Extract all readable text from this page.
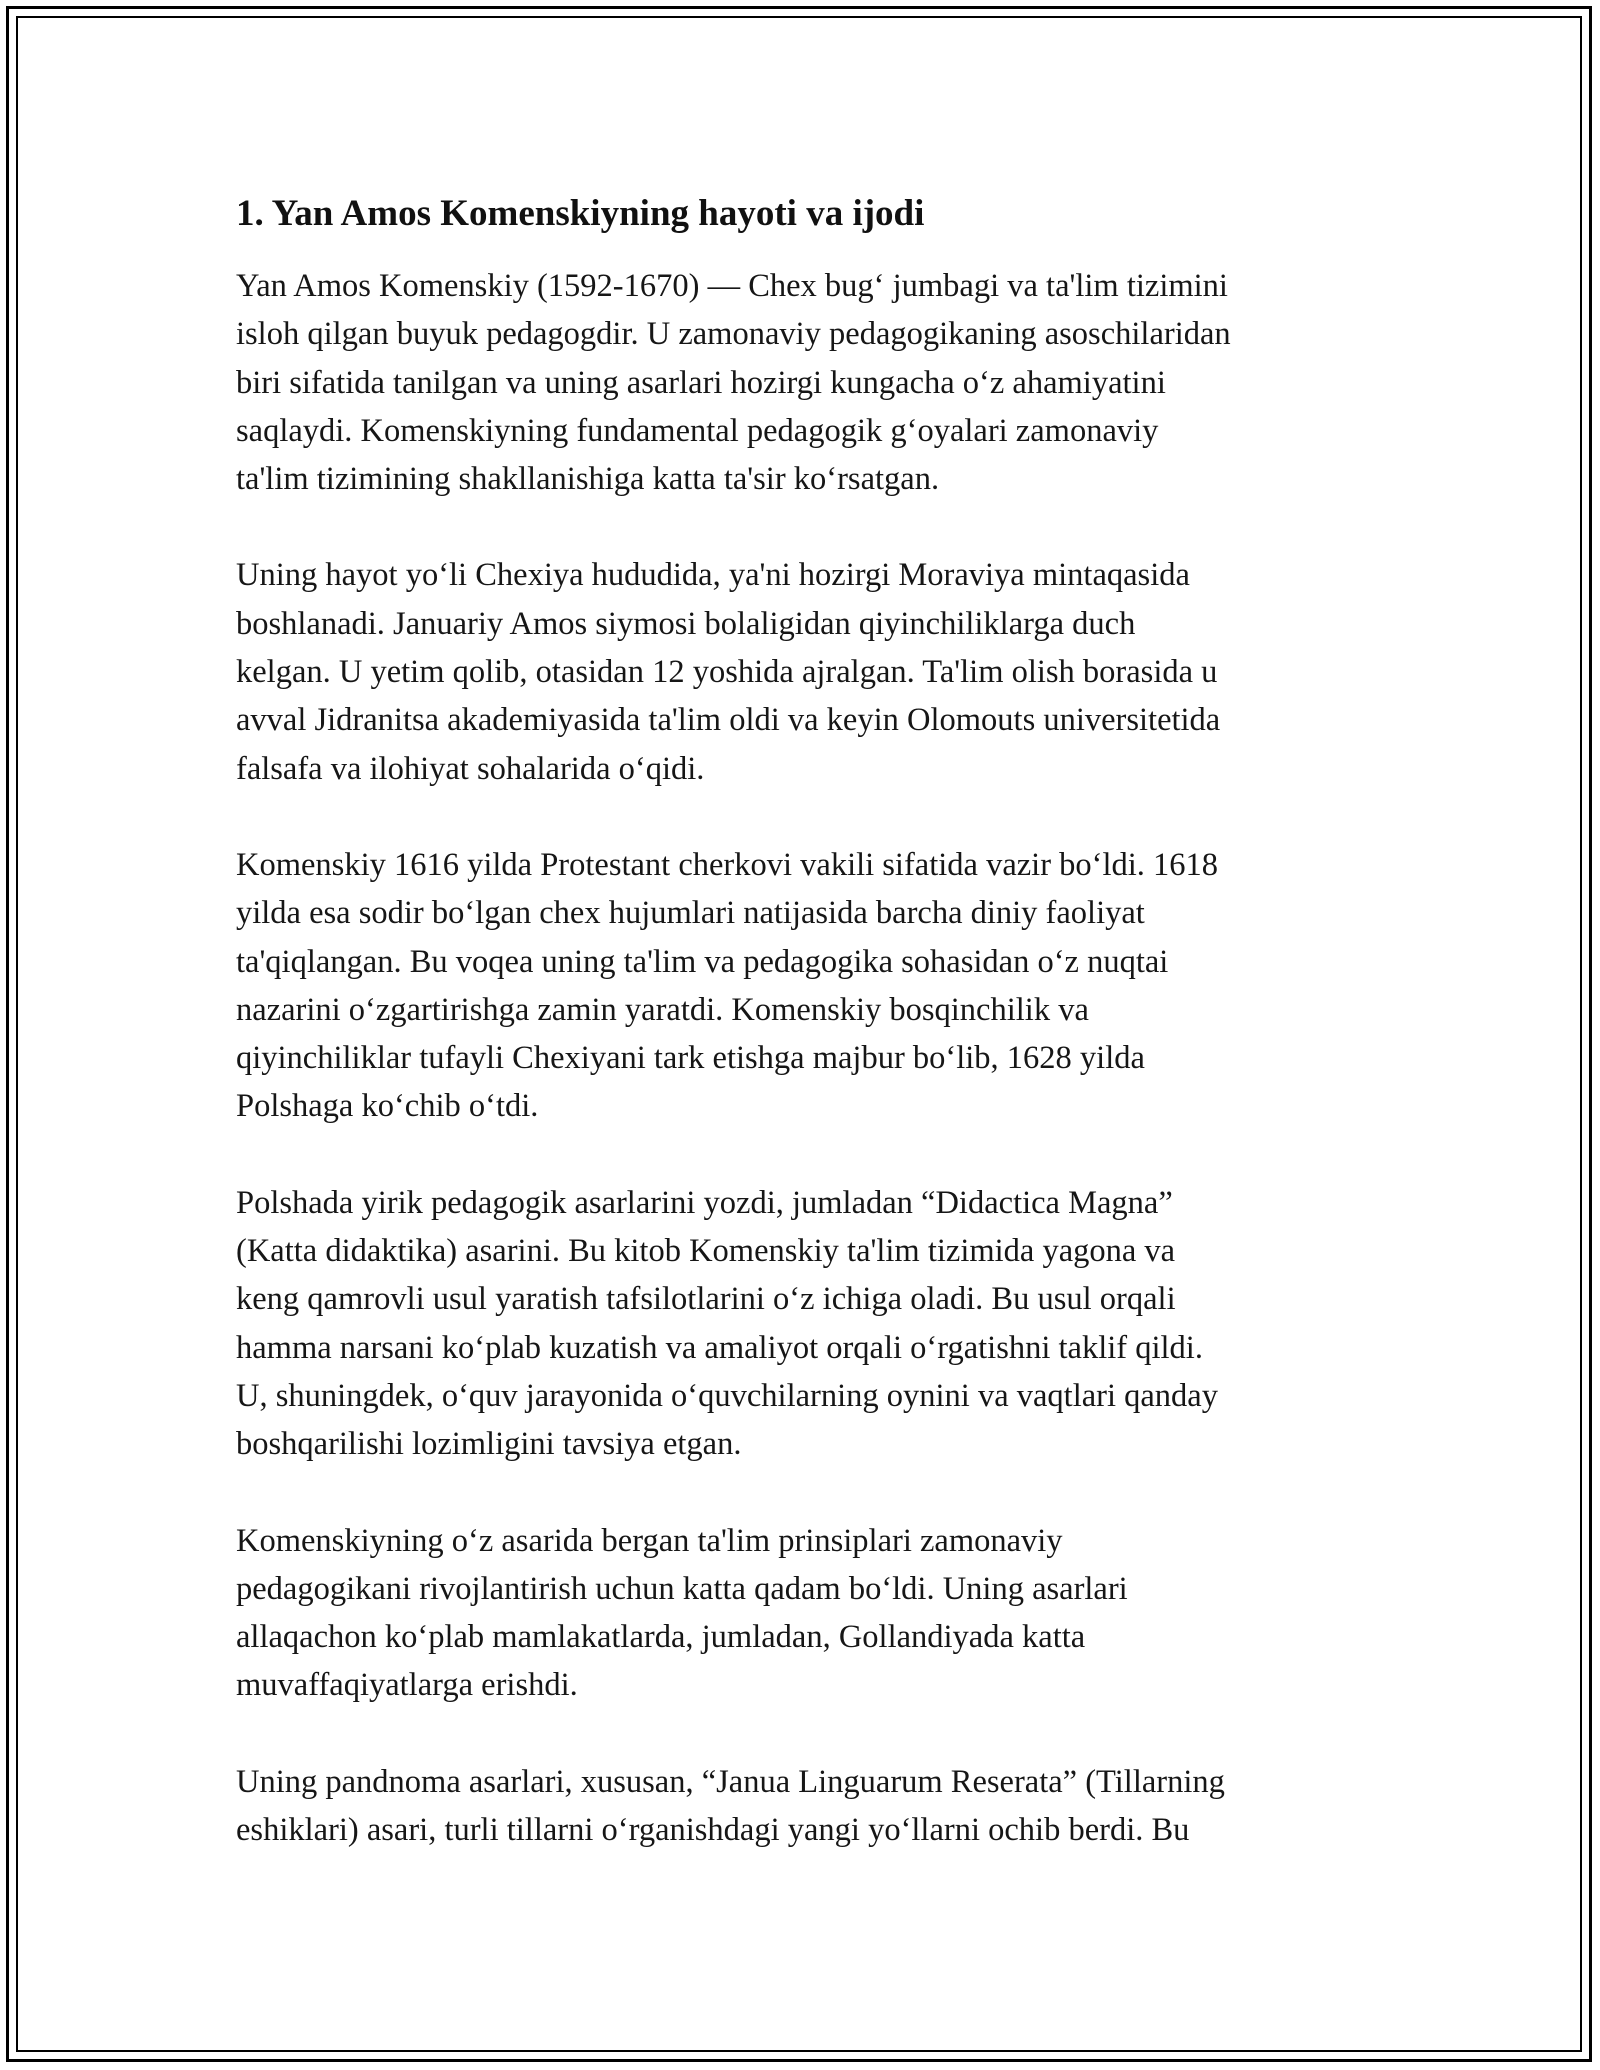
1. Yan Amos Komenskiyning hayoti va ijodi

Yan Amos Komenskiy (1592-1670) — Chex bug‘ jumbagi va ta'lim tizimini
isloh qilgan buyuk pedagogdir. U zamonaviy pedagogikaning asoschilaridan
biri sifatida tanilgan va uning asarlari hozirgi kungacha o‘z ahamiyatini
saqlaydi. Komenskiyning fundamental pedagogik g‘oyalari zamonaviy
ta'lim tizimining shakllanishiga katta ta'sir ko‘rsatgan.

Uning hayot yo‘li Chexiya hududida, ya'ni hozirgi Moraviya mintaqasida
boshlanadi. Januariy Amos siymosi bolaligidan qiyinchiliklarga duch
kelgan. U yetim qolib, otasidan 12 yoshida ajralgan. Ta'lim olish borasida u
avval Jidranitsa akademiyasida ta'lim oldi va keyin Olomouts universitetida
falsafa va ilohiyat sohalarida o‘qidi.

Komenskiy 1616 yilda Protestant cherkovi vakili sifatida vazir bo‘ldi. 1618
yilda esa sodir bo‘lgan chex hujumlari natijasida barcha diniy faoliyat
ta'qiqlangan. Bu voqea uning ta'lim va pedagogika sohasidan o‘z nuqtai
nazarini o‘zgartirishga zamin yaratdi. Komenskiy bosqinchilik va
qiyinchiliklar tufayli Chexiyani tark etishga majbur bo‘lib, 1628 yilda
Polshaga ko‘chib o‘tdi.

Polshada yirik pedagogik asarlarini yozdi, jumladan “Didactica Magna”
(Katta didaktika) asarini. Bu kitob Komenskiy ta'lim tizimida yagona va
keng qamrovli usul yaratish tafsilotlarini o‘z ichiga oladi. Bu usul orqali
hamma narsani ko‘plab kuzatish va amaliyot orqali o‘rgatishni taklif qildi.
U, shuningdek, o‘quv jarayonida o‘quvchilarning oynini va vaqtlari qanday
boshqarilishi lozimligini tavsiya etgan.

Komenskiyning o‘z asarida bergan ta'lim prinsiplari zamonaviy
pedagogikani rivojlantirish uchun katta qadam bo‘ldi. Uning asarlari
allaqachon ko‘plab mamlakatlarda, jumladan, Gollandiyada katta
muvaffaqiyatlarga erishdi.

Uning pandnoma asarlari, xususan, “Janua Linguarum Reserata” (Tillarning
eshiklari) asari, turli tillarni o‘rganishdagi yangi yo‘llarni ochib berdi. Bu
